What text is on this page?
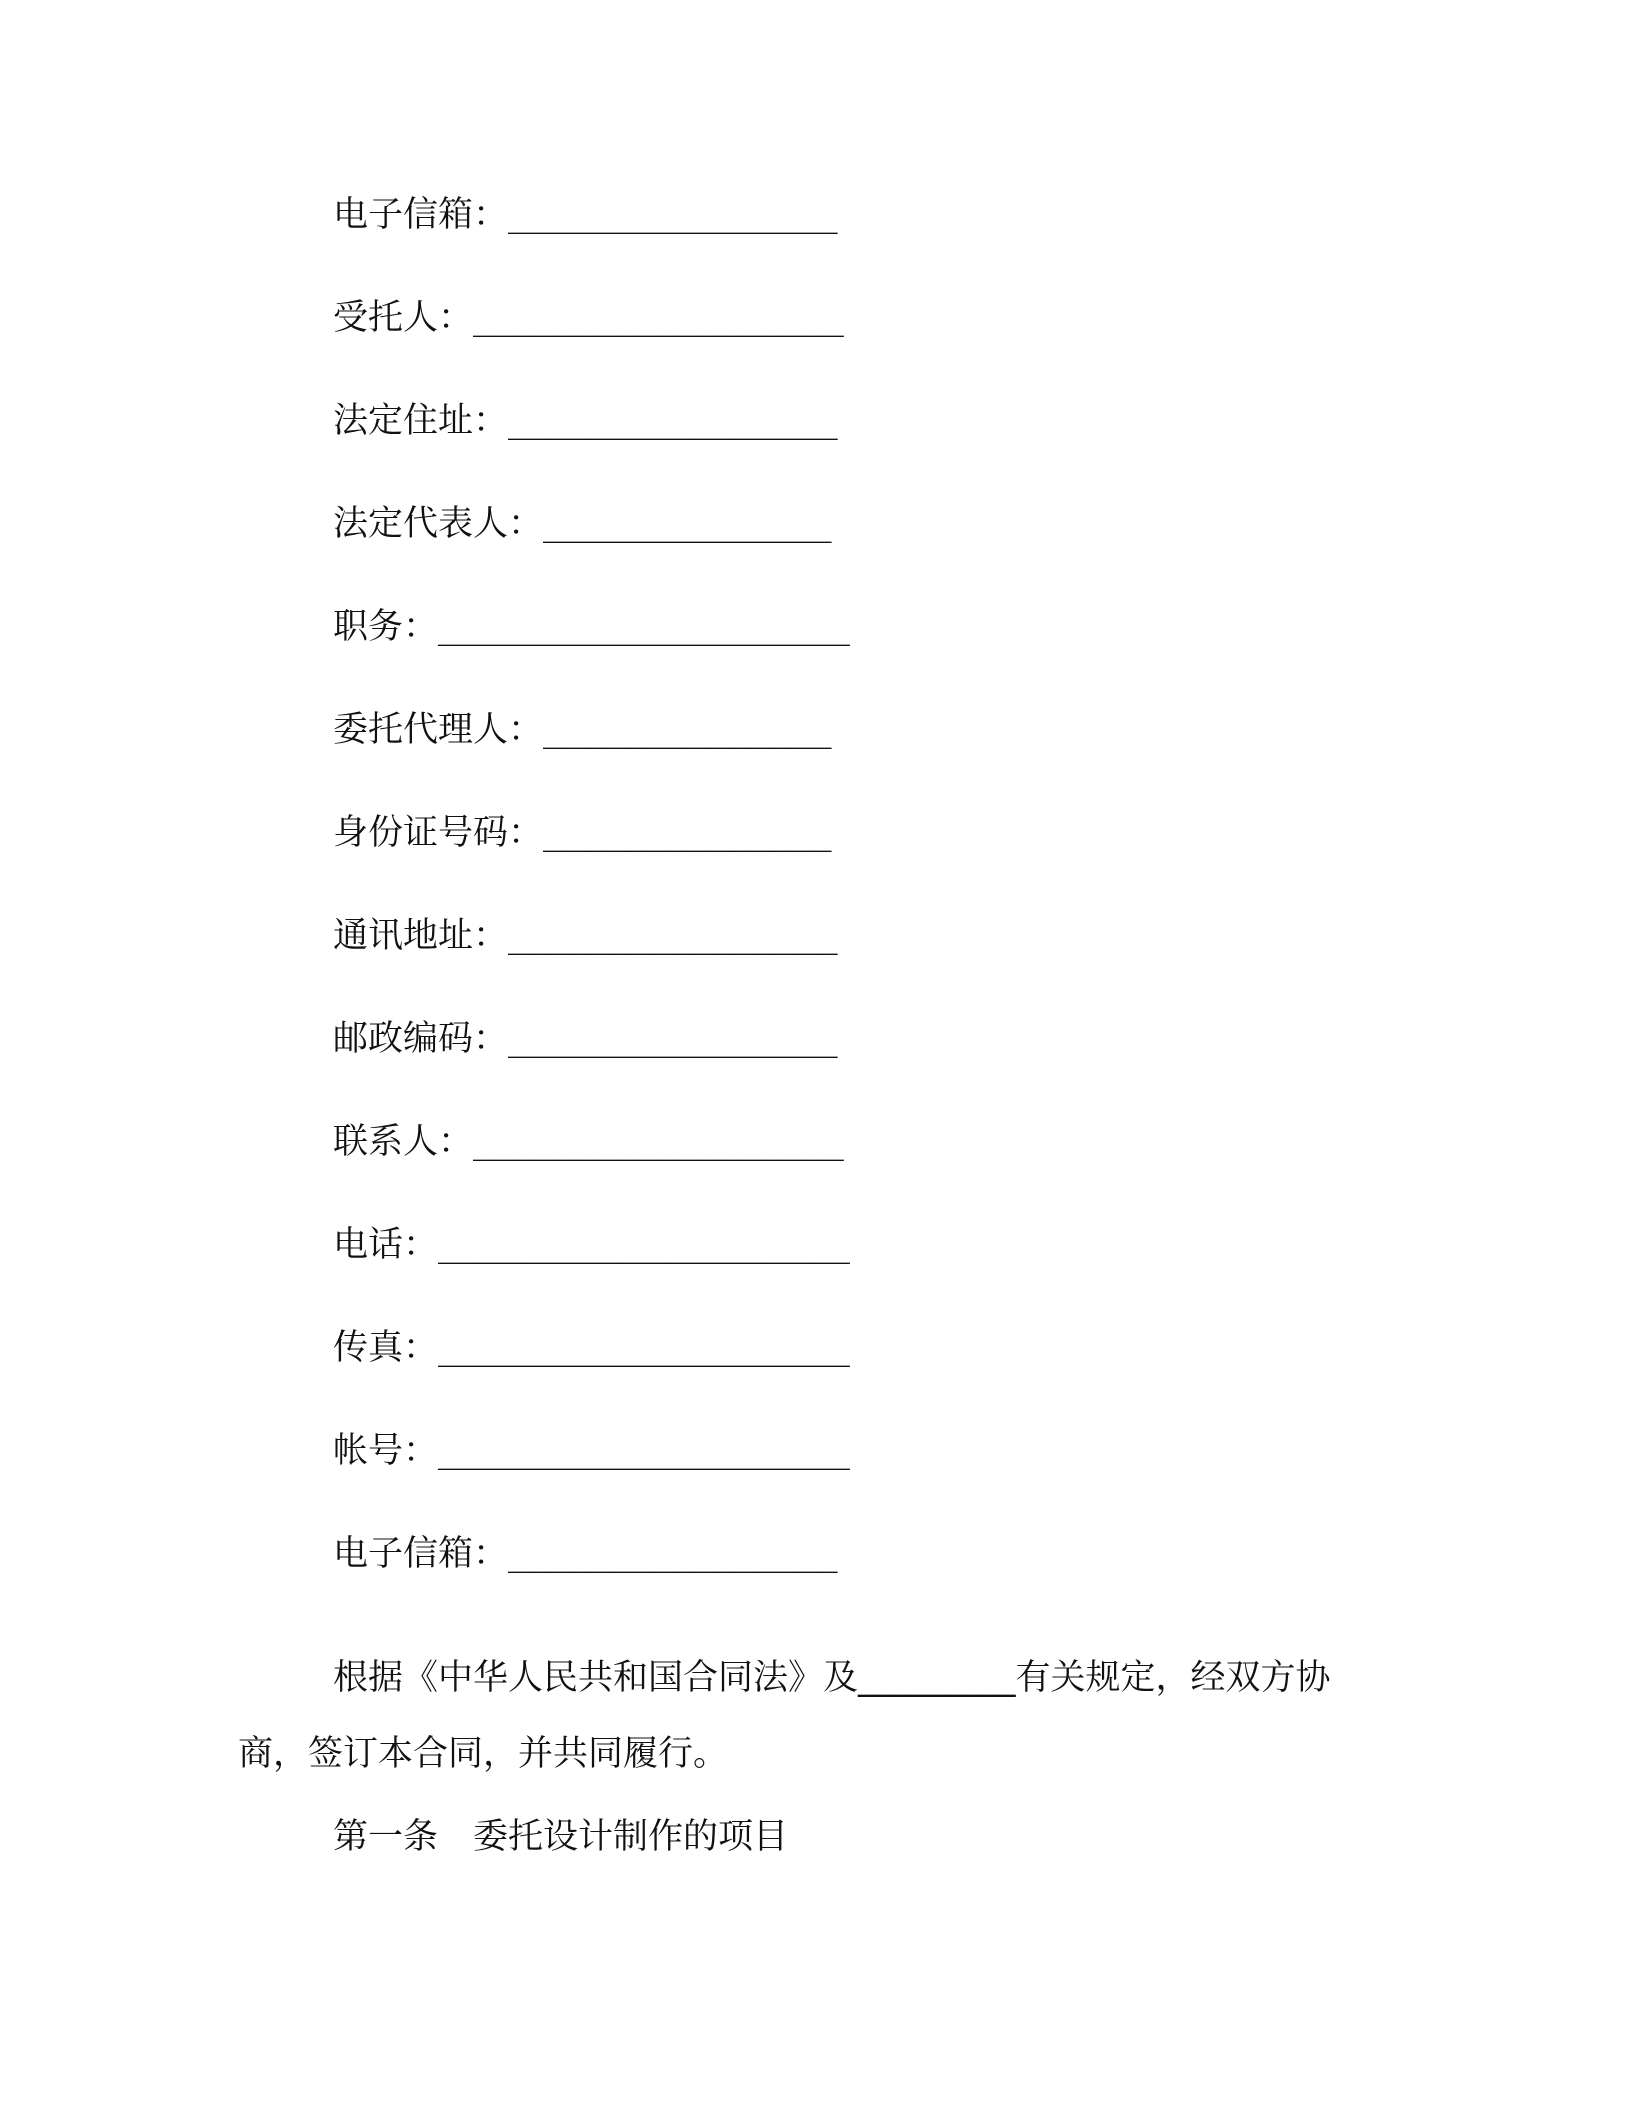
电子信箱： ________________
受托人： __________________
法定住址： ________________
法定代表人： ______________
职务： ____________________
委托代理人： ______________
身份证号码： ______________
通讯地址： ________________
邮政编码： ________________
联系人： __________________
电话： ____________________
传真： ____________________
帐号： ____________________
电子信箱： ________________

根据《中华人民共和国合同法》及_________有关规定，经双方协商，签订本合同，并共同履行。

第一条　委托设计制作的项目
